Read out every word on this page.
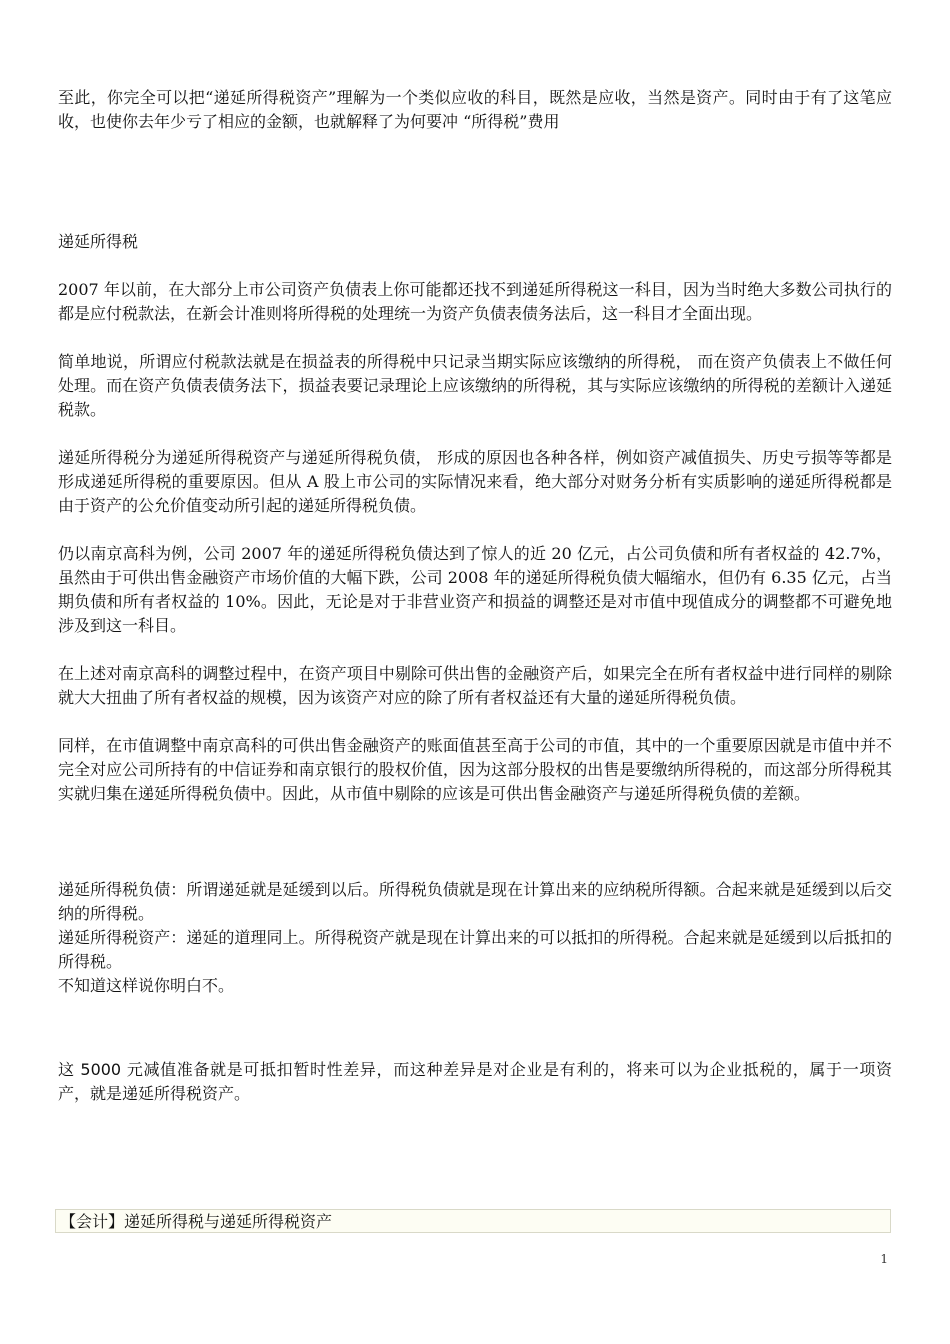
至此，你完全可以把“递延所得税资产”理解为一个类似应收的科目，既然是应收，当然是资产。同时由于有了这笔应收，也使你去年少亏了相应的金额，也就解释了为何要冲 “所得税”费用

递延所得税

2007 年以前，在大部分上市公司资产负债表上你可能都还找不到递延所得税这一科目，因为当时绝大多数公司执行的都是应付税款法，在新会计准则将所得税的处理统一为资产负债表债务法后，这一科目才全面出现。

简单地说，所谓应付税款法就是在损益表的所得税中只记录当期实际应该缴纳的所得税， 而在资产负债表上不做任何处理。而在资产负债表债务法下，损益表要记录理论上应该缴纳的所得税，其与实际应该缴纳的所得税的差额计入递延税款。

递延所得税分为递延所得税资产与递延所得税负债， 形成的原因也各种各样，例如资产减值损失、历史亏损等等都是形成递延所得税的重要原因。但从 A 股上市公司的实际情况来看，绝大部分对财务分析有实质影响的递延所得税都是由于资产的公允价值变动所引起的递延所得税负债。

仍以南京高科为例，公司 2007 年的递延所得税负债达到了惊人的近 20 亿元，占公司负债和所有者权益的 42.7%，虽然由于可供出售金融资产市场价值的大幅下跌，公司 2008 年的递延所得税负债大幅缩水，但仍有 6.35 亿元，占当期负债和所有者权益的 10%。因此，无论是对于非营业资产和损益的调整还是对市值中现值成分的调整都不可避免地涉及到这一科目。

在上述对南京高科的调整过程中，在资产项目中剔除可供出售的金融资产后，如果完全在所有者权益中进行同样的剔除就大大扭曲了所有者权益的规模，因为该资产对应的除了所有者权益还有大量的递延所得税负债。

同样，在市值调整中南京高科的可供出售金融资产的账面值甚至高于公司的市值，其中的一个重要原因就是市值中并不完全对应公司所持有的中信证券和南京银行的股权价值，因为这部分股权的出售是要缴纳所得税的，而这部分所得税其实就归集在递延所得税负债中。因此，从市值中剔除的应该是可供出售金融资产与递延所得税负债的差额。

递延所得税负债：所谓递延就是延缓到以后。所得税负债就是现在计算出来的应纳税所得额。合起来就是延缓到以后交纳的所得税。

递延所得税资产：递延的道理同上。所得税资产就是现在计算出来的可以抵扣的所得税。合起来就是延缓到以后抵扣的所得税。

不知道这样说你明白不。

这 5000 元减值准备就是可抵扣暂时性差异，而这种差异是对企业是有利的，将来可以为企业抵税的，属于一项资产，就是递延所得税资产。

【会计】递延所得税与递延所得税资产
1
